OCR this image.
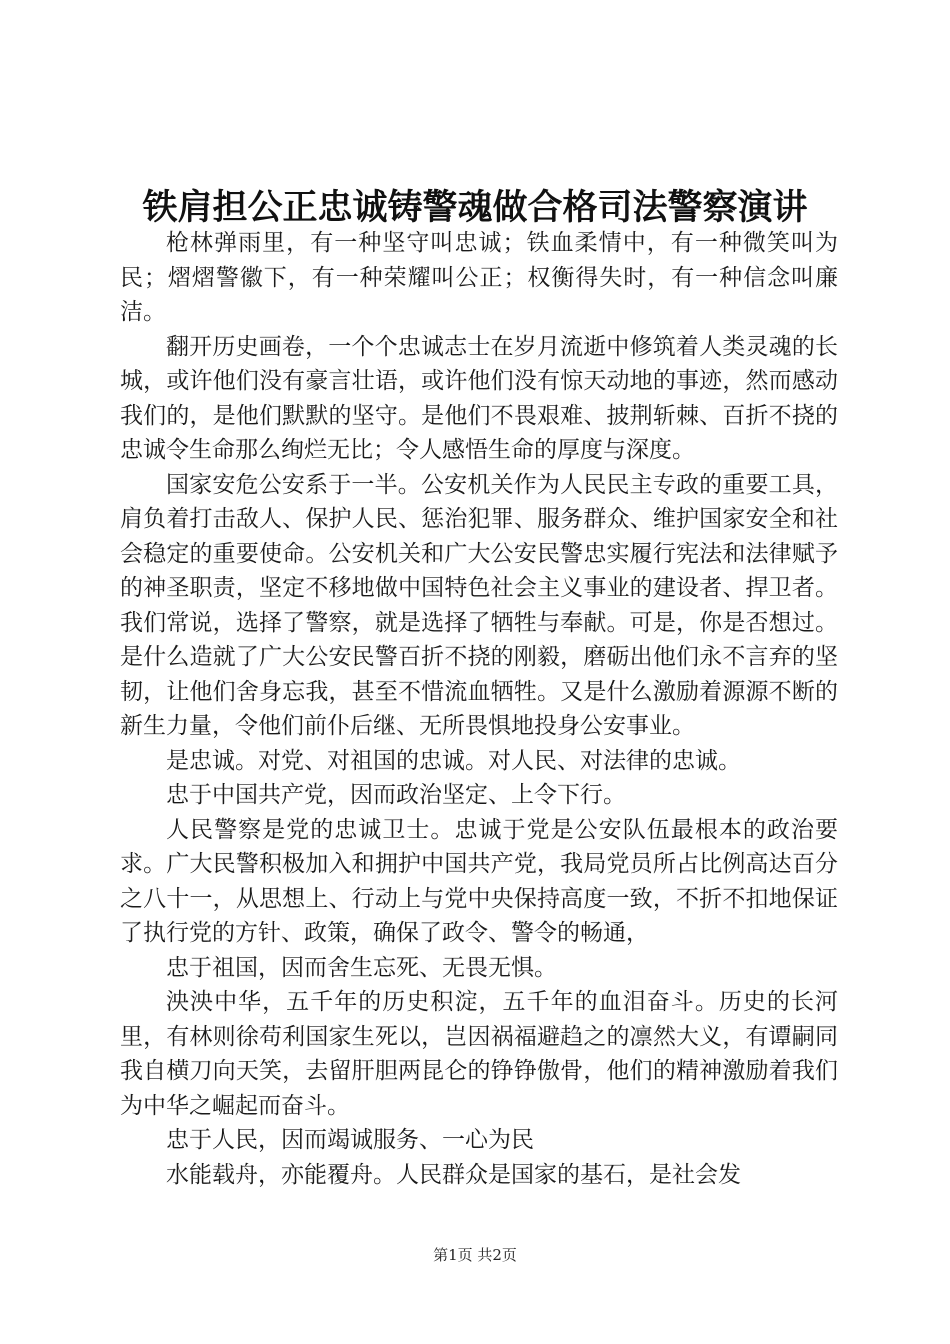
铁肩担公正忠诚铸警魂做合格司法警察演讲

枪林弹雨里，有一种坚守叫忠诚；铁血柔情中，有一种微笑叫为民；熠熠警徽下，有一种荣耀叫公正；权衡得失时，有一种信念叫廉洁。

翻开历史画卷，一个个忠诚志士在岁月流逝中修筑着人类灵魂的长城，或许他们没有豪言壮语，或许他们没有惊天动地的事迹，然而感动我们的，是他们默默的坚守。是他们不畏艰难、披荆斩棘、百折不挠的忠诚令生命那么绚烂无比；令人感悟生命的厚度与深度。

国家安危公安系于一半。公安机关作为人民民主专政的重要工具，肩负着打击敌人、保护人民、惩治犯罪、服务群众、维护国家安全和社会稳定的重要使命。公安机关和广大公安民警忠实履行宪法和法律赋予的神圣职责，坚定不移地做中国特色社会主义事业的建设者、捍卫者。我们常说，选择了警察，就是选择了牺牲与奉献。可是，你是否想过。是什么造就了广大公安民警百折不挠的刚毅，磨砺出他们永不言弃的坚韧，让他们舍身忘我，甚至不惜流血牺牲。又是什么激励着源源不断的新生力量，令他们前仆后继、无所畏惧地投身公安事业。

是忠诚。对党、对祖国的忠诚。对人民、对法律的忠诚。

忠于中国共产党，因而政治坚定、上令下行。

人民警察是党的忠诚卫士。忠诚于党是公安队伍最根本的政治要求。广大民警积极加入和拥护中国共产党，我局党员所占比例高达百分之八十一，从思想上、行动上与党中央保持高度一致，不折不扣地保证了执行党的方针、政策，确保了政令、警令的畅通，

忠于祖国，因而舍生忘死、无畏无惧。

泱泱中华，五千年的历史积淀，五千年的血泪奋斗。历史的长河里，有林则徐苟利国家生死以，岂因祸福避趋之的凛然大义，有谭嗣同我自横刀向天笑，去留肝胆两昆仑的铮铮傲骨，他们的精神激励着我们为中华之崛起而奋斗。

忠于人民，因而竭诚服务、一心为民

水能载舟，亦能覆舟。人民群众是国家的基石，是社会发

第1页 共2页
